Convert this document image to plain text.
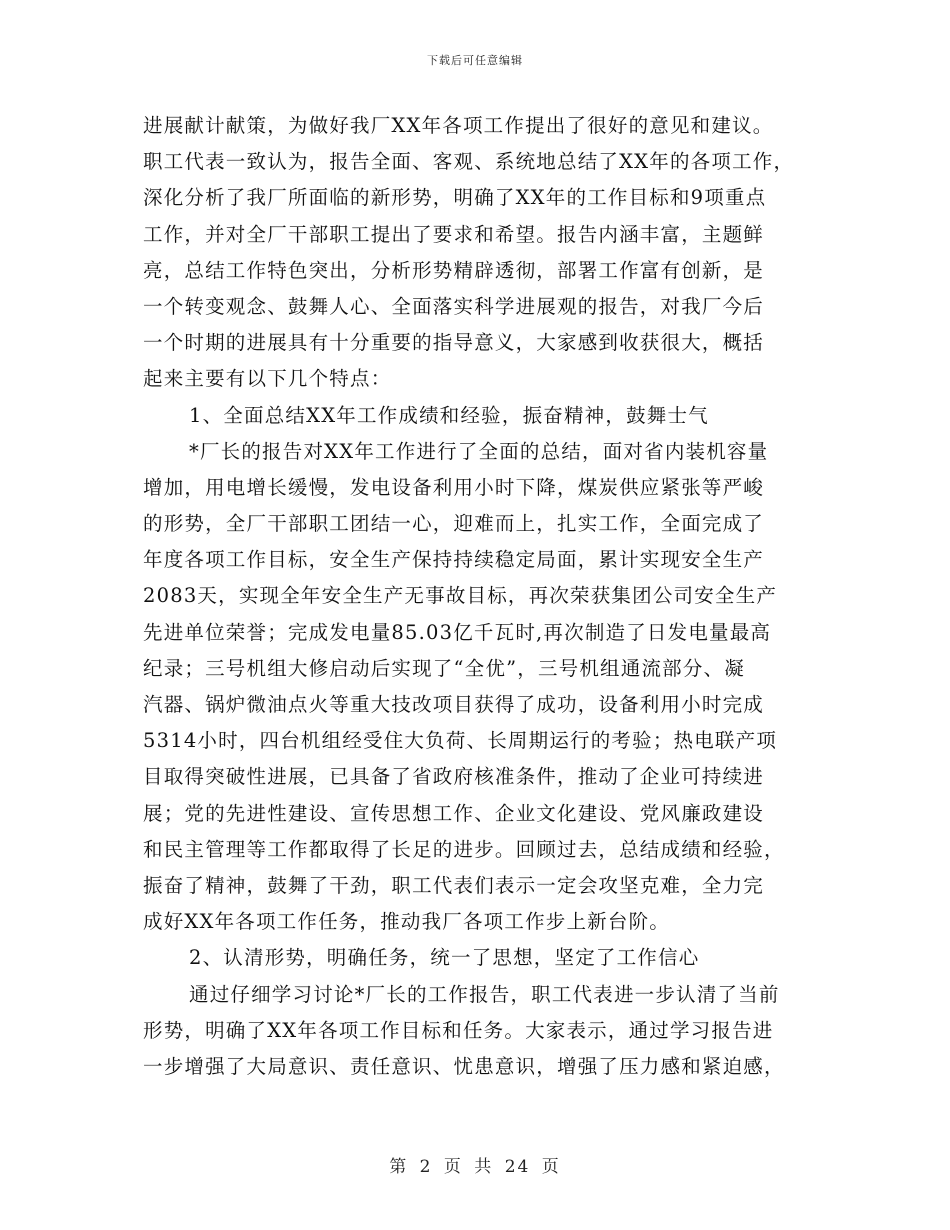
下载后可任意编辑
进展献计献策，为做好我厂XX年各项工作提出了很好的意见和建议。
职工代表一致认为，报告全面、客观、系统地总结了XX年的各项工作，
深化分析了我厂所面临的新形势，明确了XX年的工作目标和9项重点
工作，并对全厂干部职工提出了要求和希望。报告内涵丰富，主题鲜
亮，总结工作特色突出，分析形势精辟透彻，部署工作富有创新，是
一个转变观念、鼓舞人心、全面落实科学进展观的报告，对我厂今后
一个时期的进展具有十分重要的指导意义，大家感到收获很大，概括
起来主要有以下几个特点：
1、全面总结XX年工作成绩和经验，振奋精神，鼓舞士气
*厂长的报告对XX年工作进行了全面的总结，面对省内装机容量
增加，用电增长缓慢，发电设备利用小时下降，煤炭供应紧张等严峻
的形势，全厂干部职工团结一心，迎难而上，扎实工作，全面完成了
年度各项工作目标，安全生产保持持续稳定局面，累计实现安全生产
2083天，实现全年安全生产无事故目标，再次荣获集团公司安全生产
先进单位荣誉；完成发电量85.03亿千瓦时,再次制造了日发电量最高
纪录；三号机组大修启动后实现了“全优”，三号机组通流部分、凝
汽器、锅炉微油点火等重大技改项目获得了成功，设备利用小时完成
5314小时，四台机组经受住大负荷、长周期运行的考验；热电联产项
目取得突破性进展，已具备了省政府核准条件，推动了企业可持续进
展；党的先进性建设、宣传思想工作、企业文化建设、党风廉政建设
和民主管理等工作都取得了长足的进步。回顾过去，总结成绩和经验，
振奋了精神，鼓舞了干劲，职工代表们表示一定会攻坚克难，全力完
成好XX年各项工作任务，推动我厂各项工作步上新台阶。
2、认清形势，明确任务，统一了思想，坚定了工作信心
通过仔细学习讨论*厂长的工作报告，职工代表进一步认清了当前
形势，明确了XX年各项工作目标和任务。大家表示，通过学习报告进
一步增强了大局意识、责任意识、忧患意识，增强了压力感和紧迫感，
第 2 页 共 24 页
